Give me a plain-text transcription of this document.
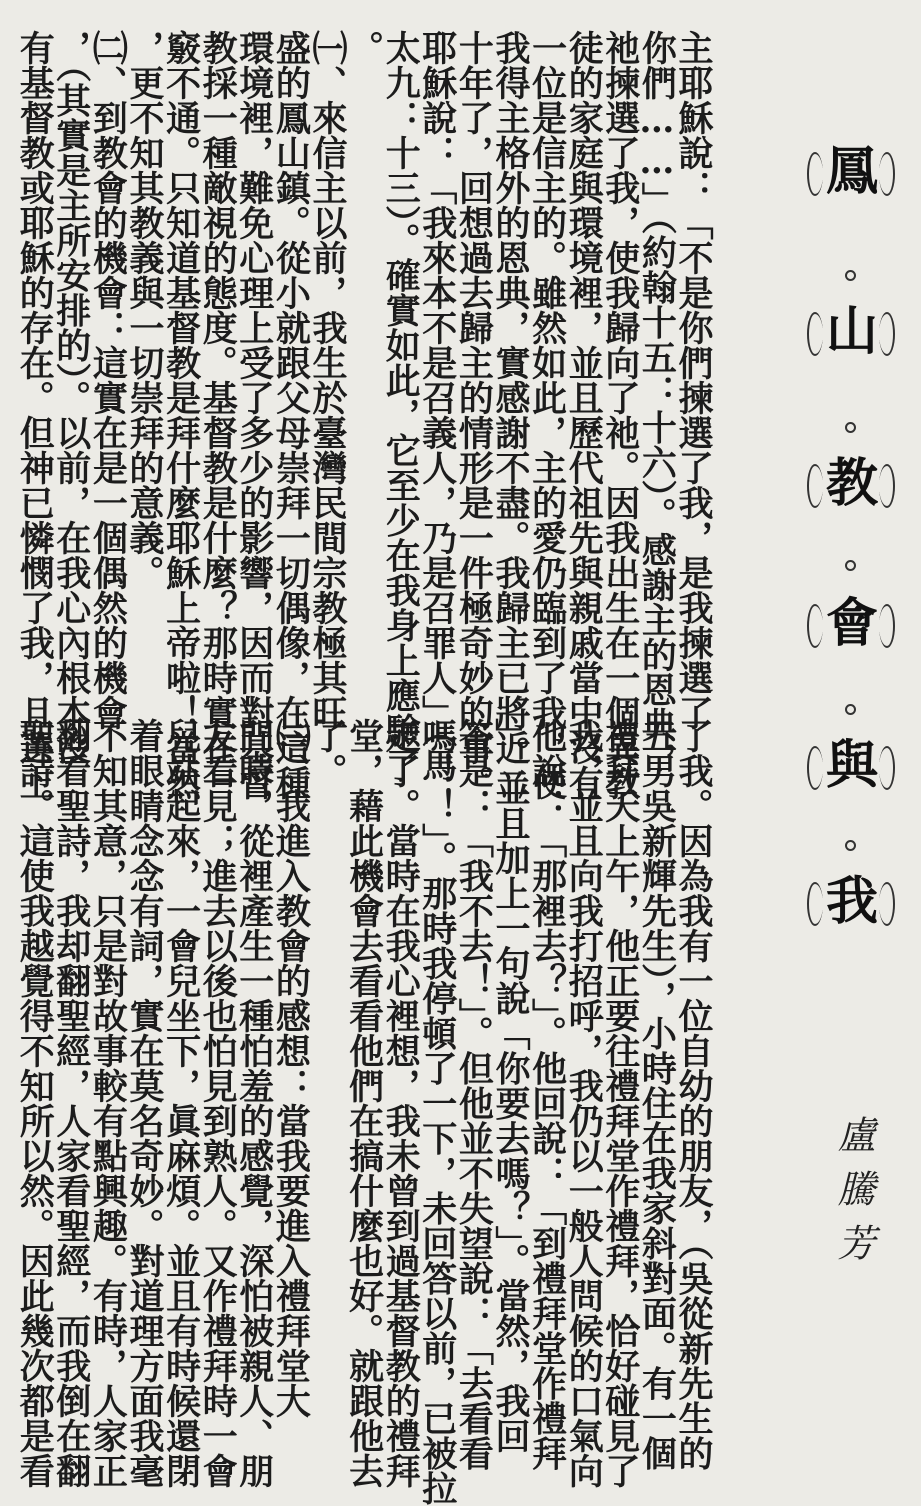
鳳
山
教
會
與
我
盧騰芳
主耶穌說：「不是你們揀選了我，是我揀選了
你們……」（約翰十五：十六）。感謝主的恩典，
祂揀選了我，使我歸向了祂。因我出生在一個異教
徒的家庭與環境裡，並且歷代祖先與親戚當中沒有
一位是信主的。雖然如此，主的愛仍臨到了我，使
我得主格外的恩典，實感謝不盡。我歸主已將近二
十年了，回想過去歸主的情形是一件極奇妙的事。
耶穌說：「我來本不是召義人，乃是召罪人」（馬
太九：十三）。確實如此，它至少在我身上應驗了
。
㈠、來信主以前，我生於臺灣民間宗教極其旺
盛的鳳山鎮。從小就跟父母崇拜一切偶像，在這種
環境裡，難免心理上受了多少的影響，因而對基督
教採一種敵視的態度。基督教是什麼？那時實在一
竅不通。只知道基督教是拜什麼耶穌上帝啦！當然
，更不知其教義與一切崇拜的意義。
㈡、到教會的機會：這實在是一個偶然的機會
，（其實是主所安排的）。以前，在我心內根本沒
有基督教或耶穌的存在。但神已憐憫了我，且選上
了我。因為我有一位自幼的朋友，（吳從新先生的
五男吳新輝先生），小時住在我家斜對面。有一個
禮拜天上午，他正要往禮拜堂作禮拜，恰好碰見了
我，並且向我打招呼，我仍以一般人問候的口氣向
他說：「那裡去？」。他回說：「到禮拜堂作禮拜
」。並且加上一句說「你要去嗎？」。當然，我回
答是：「我不去！」。但他並不失望說：「去看看
嗎！！」。那時我停頓了一下，未回答以前，已被拉
走了。當時在我心裡想，我未曾到過基督教的禮拜
堂，藉此機會去看看他們在搞什麼也好。就跟他去
了。
㈢、我進入教會的感想：當我要進入禮拜堂大
門時，從裡產生一種怕羞的感覺，深怕被親人、朋
友看見；進去以後也怕見到熟人。又作禮拜時一會
兒站起來，一會兒坐下，眞麻煩。並且有時候還閉
着眼睛念念有詞，實在莫名奇妙。對道理方面我毫
不知其意，只是對故事較有點興趣。有時，人家正
翻看聖詩，我却翻聖經，人家看聖經，而我倒在翻
聖詩。這使我越覺得不知所以然。因此幾次都是看
